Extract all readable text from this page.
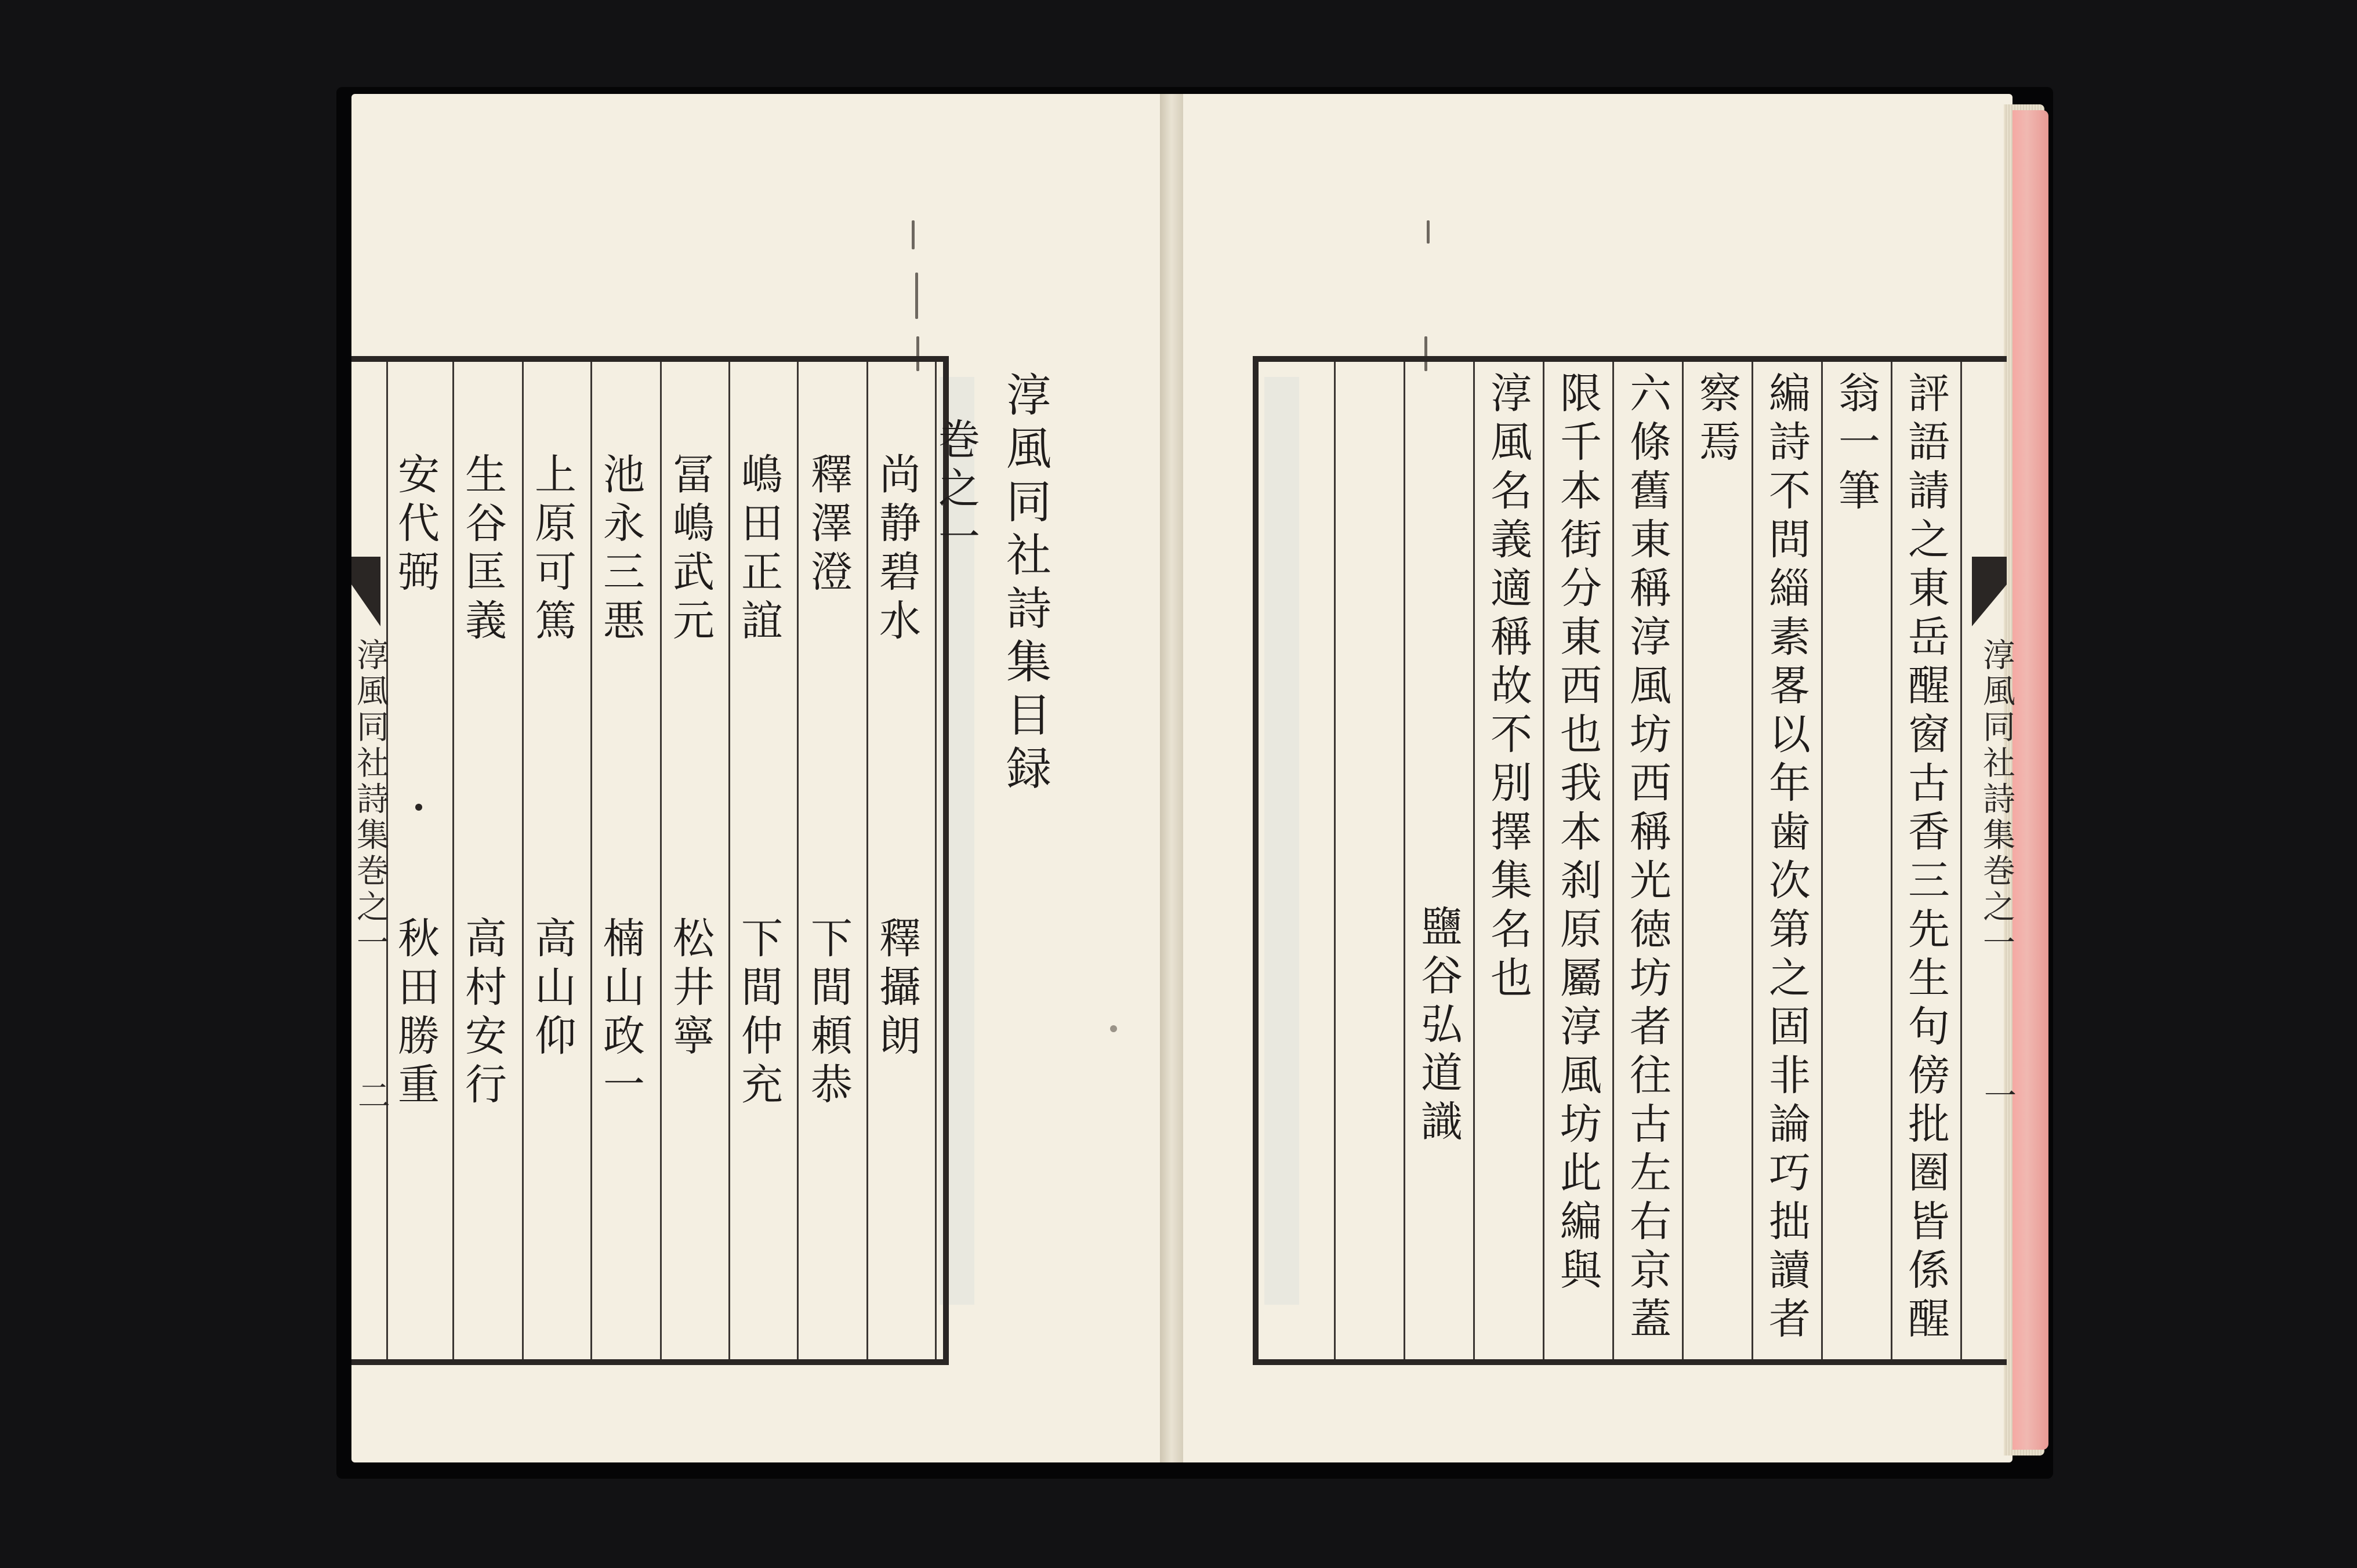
淳風同社詩集巻之一
二
淳風同社詩集目録
巻之一
尚静碧水
釋攝朗
釋澤澄
下間頼恭
嶋田正誼
下間仲充
冨嶋武元
松井寧
池永三悪
楠山政一
上原可篤
高山仰
生谷匡義
高村安行
安代弼
秋田勝重
淳風同社詩集巻之一
一
評語請之東岳醒窗古香三先生句傍批圏皆係醒
翁一筆
編詩不問緇素畧以年歯次第之固非論巧拙讀者
察焉
六條舊東稱淳風坊西稱光徳坊者往古左右京蓋
限千本街分東西也我本刹原屬淳風坊此編與
淳風名義適稱故不別擇集名也
鹽谷弘道識
